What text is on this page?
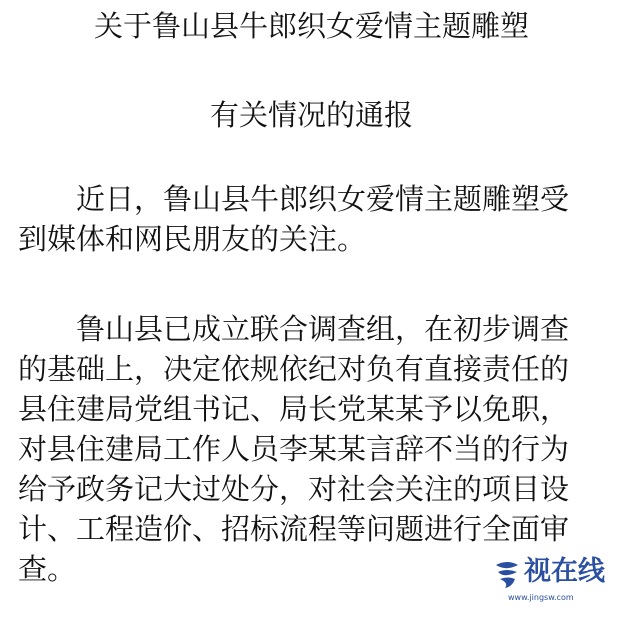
关于鲁山县牛郎织女爱情主题雕塑
有关情况的通报
近日，鲁山县牛郎织女爱情主题雕塑受
到媒体和网民朋友的关注。
鲁山县已成立联合调查组，在初步调查
的基础上，决定依规依纪对负有直接责任的
县住建局党组书记、局长党某某予以免职，
对县住建局工作人员李某某言辞不当的行为
给予政务记大过处分，对社会关注的项目设
计、工程造价、招标流程等问题进行全面审
查。	视在线
www.jingsw.com
